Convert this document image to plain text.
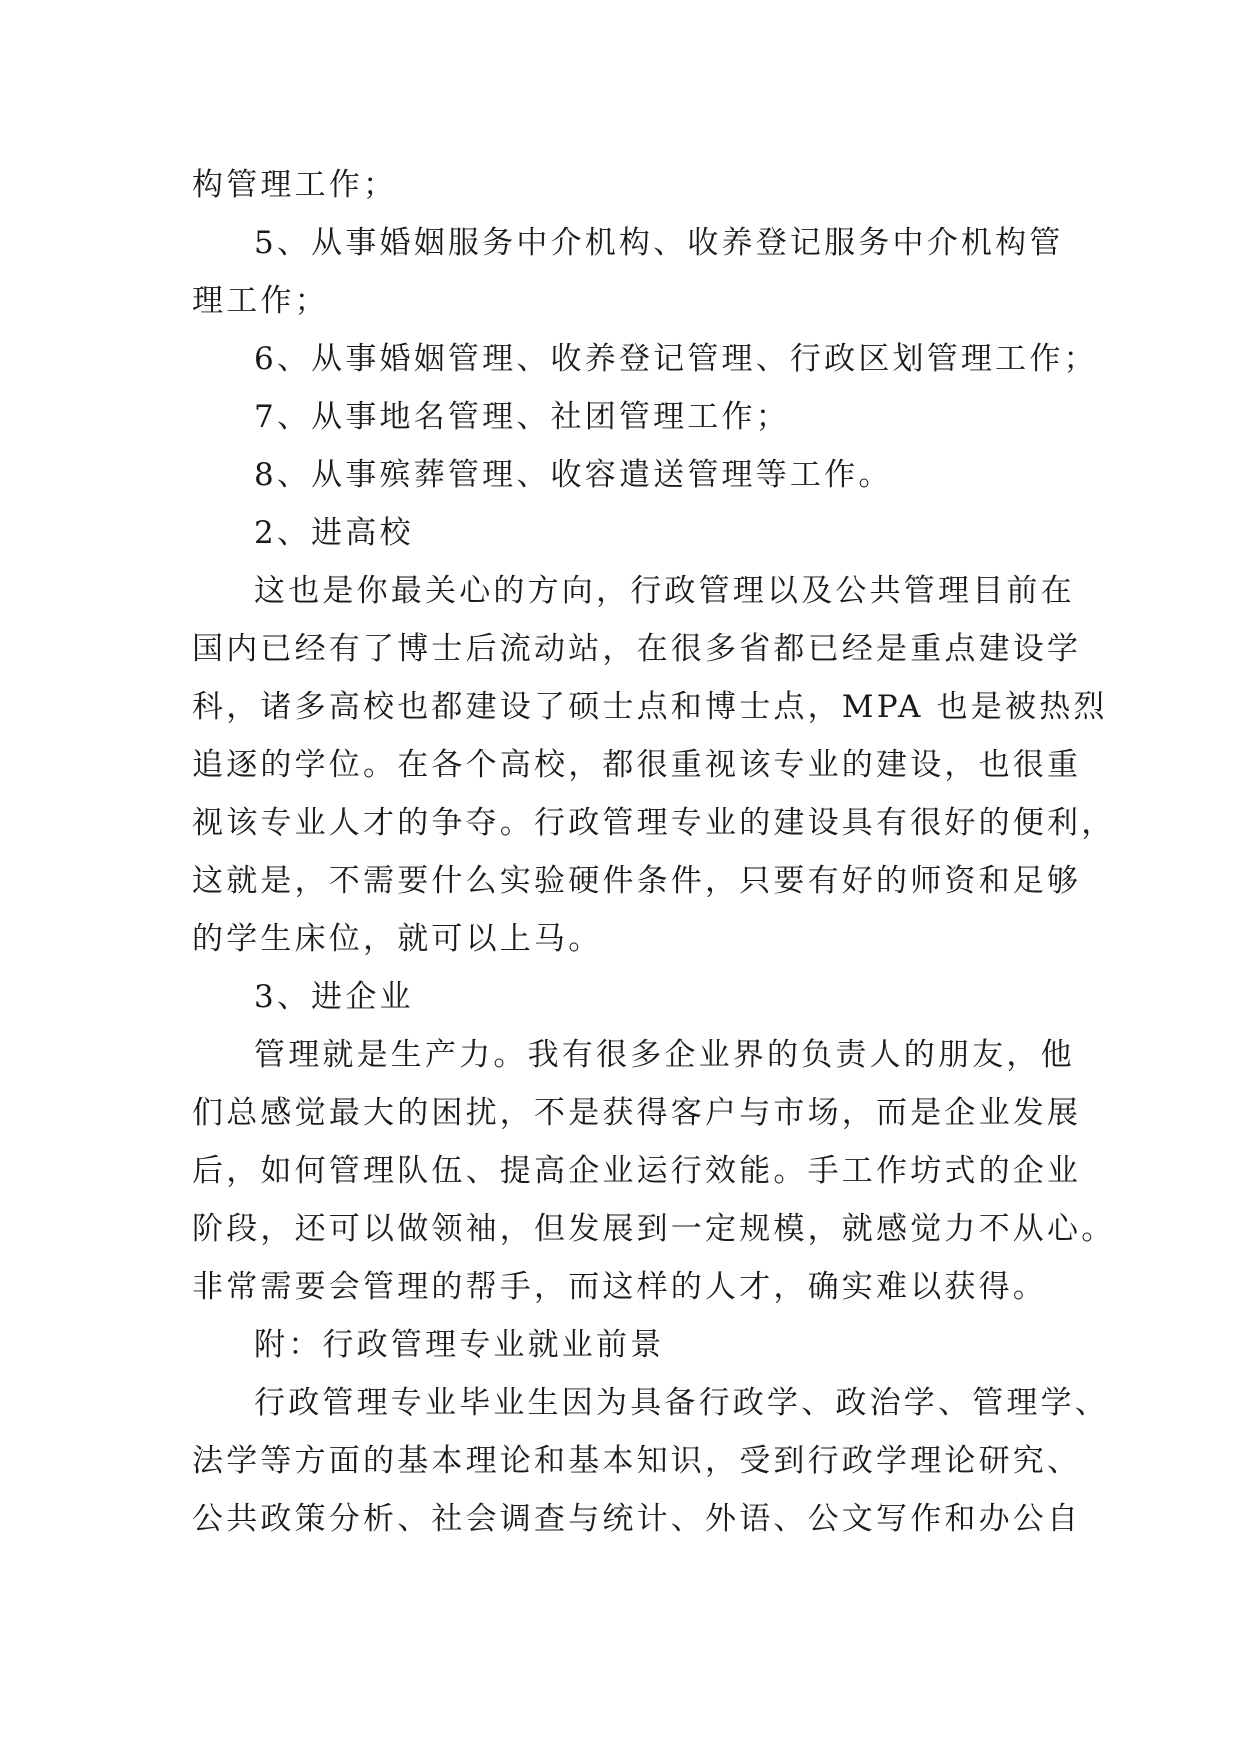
构管理工作；
5、从事婚姻服务中介机构、收养登记服务中介机构管
理工作；
6、从事婚姻管理、收养登记管理、行政区划管理工作；
7、从事地名管理、社团管理工作；
8、从事殡葬管理、收容遣送管理等工作。
2、进高校
这也是你最关心的方向，行政管理以及公共管理目前在
国内已经有了博士后流动站，在很多省都已经是重点建设学
科，诸多高校也都建设了硕士点和博士点，MPA 也是被热烈
追逐的学位。在各个高校，都很重视该专业的建设，也很重
视该专业人才的争夺。行政管理专业的建设具有很好的便利，
这就是，不需要什么实验硬件条件，只要有好的师资和足够
的学生床位，就可以上马。
3、进企业
管理就是生产力。我有很多企业界的负责人的朋友，他
们总感觉最大的困扰，不是获得客户与市场，而是企业发展
后，如何管理队伍、提高企业运行效能。手工作坊式的企业
阶段，还可以做领袖，但发展到一定规模，就感觉力不从心。
非常需要会管理的帮手，而这样的人才，确实难以获得。
附：行政管理专业就业前景
行政管理专业毕业生因为具备行政学、政治学、管理学、
法学等方面的基本理论和基本知识，受到行政学理论研究、
公共政策分析、社会调查与统计、外语、公文写作和办公自
